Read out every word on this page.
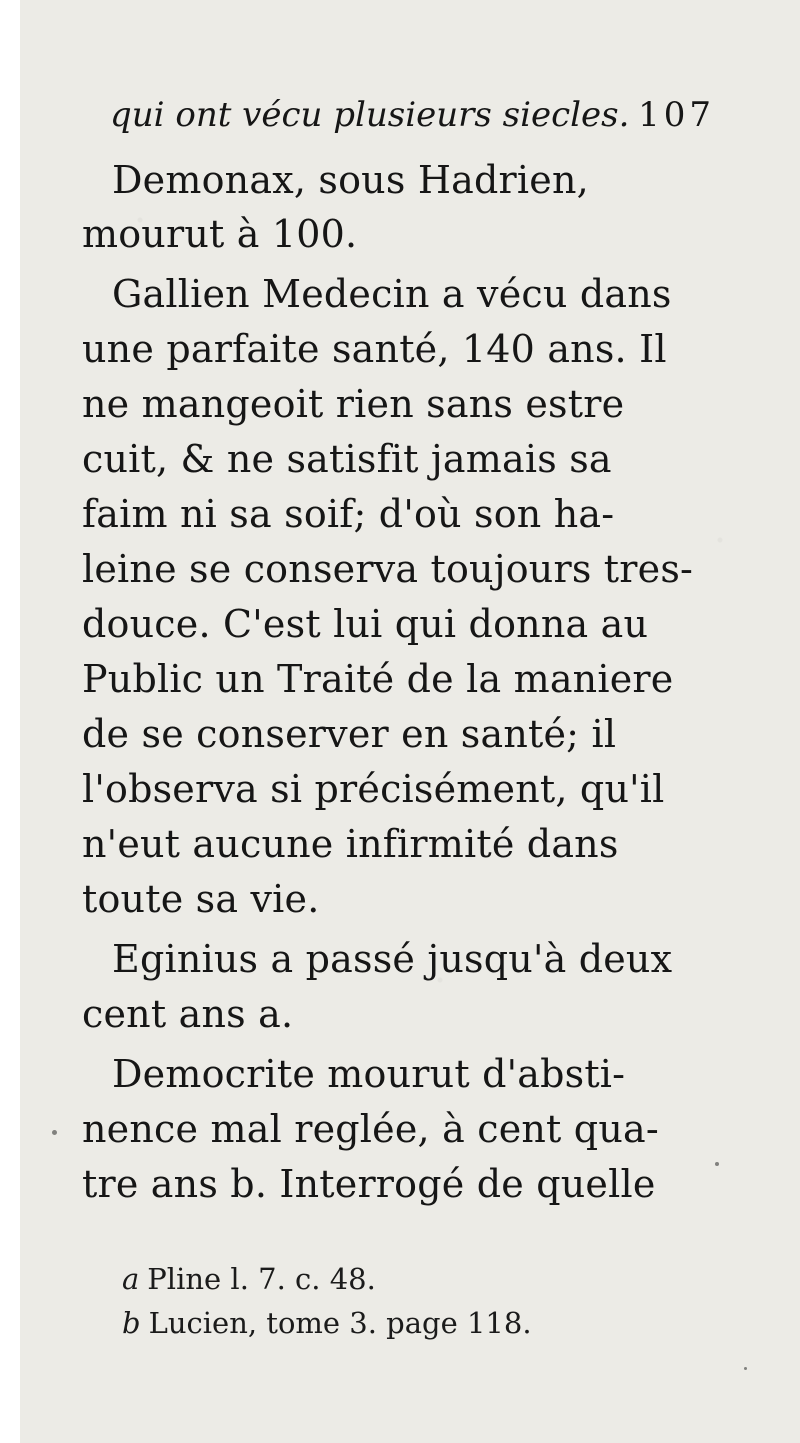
qui ont vécu plusieurs siecles. 107
Demonax, sous Hadrien,
mourut à 100.
Gallien Medecin a vécu dans
une parfaite santé, 140 ans. Il
ne mangeoit rien sans estre
cuit, & ne satisfit jamais sa
faim ni sa soif; d'où son ha-
leine se conserva toujours tres-
douce. C'est lui qui donna au
Public un Traité de la maniere
de se conserver en santé; il
l'observa si précisément, qu'il
n'eut aucune infirmité dans
toute sa vie.
Eginius a passé jusqu'à deux
cent ans a.
Democrite mourut d'absti-
nence mal reglée, à cent qua-
tre ans b. Interrogé de quelle
a Pline l. 7. c. 48.
b Lucien, tome 3. page 118.
